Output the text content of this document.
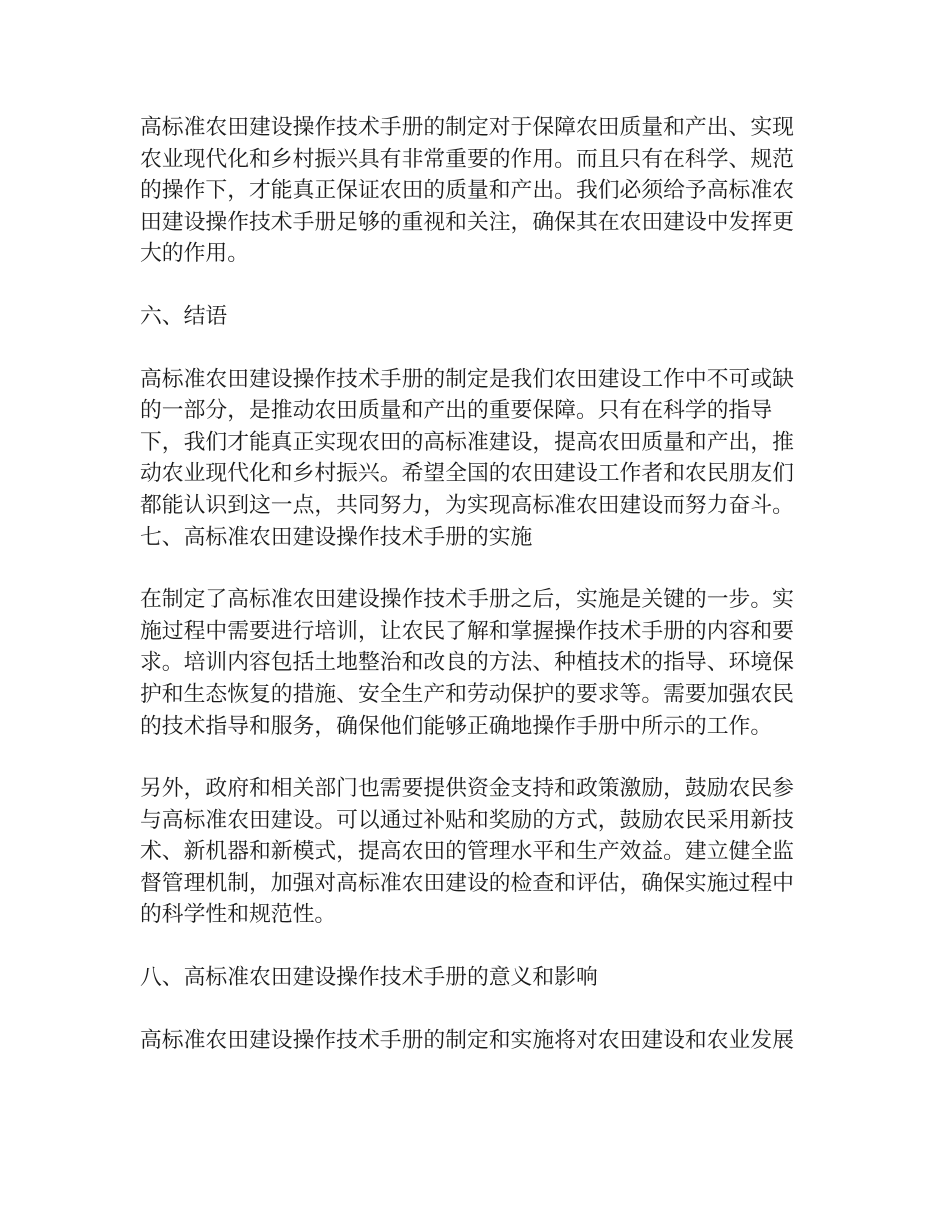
高标准农田建设操作技术手册的制定对于保障农田质量和产出、实现
农业现代化和乡村振兴具有非常重要的作用。而且只有在科学、规范
的操作下，才能真正保证农田的质量和产出。我们必须给予高标准农
田建设操作技术手册足够的重视和关注，确保其在农田建设中发挥更
大的作用。
六、结语
高标准农田建设操作技术手册的制定是我们农田建设工作中不可或缺
的一部分，是推动农田质量和产出的重要保障。只有在科学的指导
下，我们才能真正实现农田的高标准建设，提高农田质量和产出，推
动农业现代化和乡村振兴。希望全国的农田建设工作者和农民朋友们
都能认识到这一点，共同努力，为实现高标准农田建设而努力奋斗。
七、高标准农田建设操作技术手册的实施
在制定了高标准农田建设操作技术手册之后，实施是关键的一步。实
施过程中需要进行培训，让农民了解和掌握操作技术手册的内容和要
求。培训内容包括土地整治和改良的方法、种植技术的指导、环境保
护和生态恢复的措施、安全生产和劳动保护的要求等。需要加强农民
的技术指导和服务，确保他们能够正确地操作手册中所示的工作。
另外，政府和相关部门也需要提供资金支持和政策激励，鼓励农民参
与高标准农田建设。可以通过补贴和奖励的方式，鼓励农民采用新技
术、新机器和新模式，提高农田的管理水平和生产效益。建立健全监
督管理机制，加强对高标准农田建设的检查和评估，确保实施过程中
的科学性和规范性。
八、高标准农田建设操作技术手册的意义和影响
高标准农田建设操作技术手册的制定和实施将对农田建设和农业发展
